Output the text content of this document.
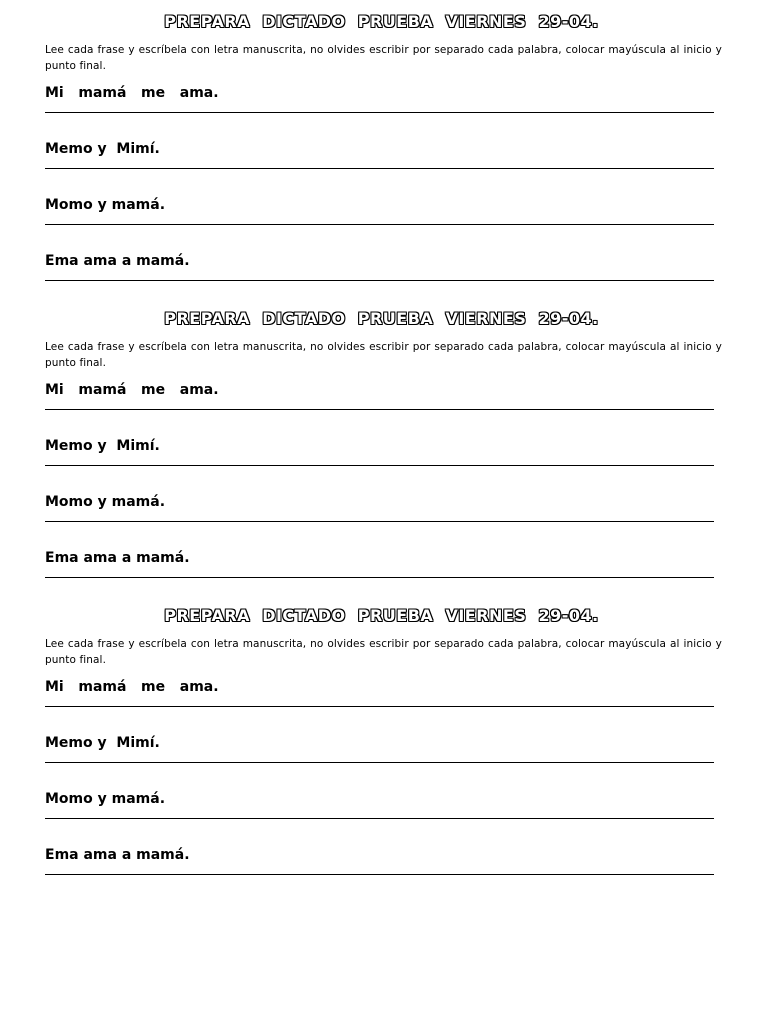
PREPARA  DICTADO  PRUEBA  VIERNES  29-04.
Lee cada frase y escríbela con letra manuscrita, no olvides escribir por separado cada palabra, colocar mayúscula al inicio y punto final.
Mi   mamá   me   ama.
Memo y  Mimí.
Momo y mamá.
Ema ama a mamá.
PREPARA  DICTADO  PRUEBA  VIERNES  29-04.
Lee cada frase y escríbela con letra manuscrita, no olvides escribir por separado cada palabra, colocar mayúscula al inicio y punto final.
Mi   mamá   me   ama.
Memo y  Mimí.
Momo y mamá.
Ema ama a mamá.
PREPARA  DICTADO  PRUEBA  VIERNES  29-04.
Lee cada frase y escríbela con letra manuscrita, no olvides escribir por separado cada palabra, colocar mayúscula al inicio y punto final.
Mi   mamá   me   ama.
Memo y  Mimí.
Momo y mamá.
Ema ama a mamá.
